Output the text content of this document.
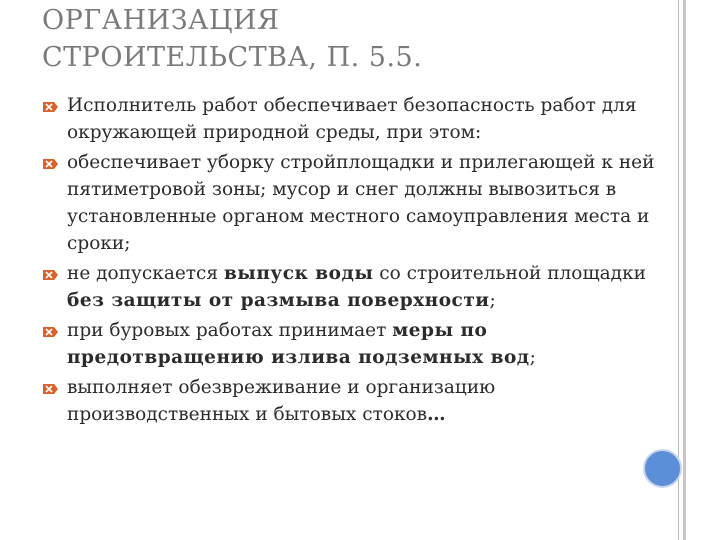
ОРГАНИЗАЦИЯ
СТРОИТЕЛЬСТВА, П. 5.5.
Исполнитель работ обеспечивает безопасность работ для окружающей природной среды, при этом:
обеспечивает уборку стройплощадки и прилегающей к ней пятиметровой зоны; мусор и снег должны вывозиться в установленные органом местного самоуправления места и сроки;
не допускается выпуск воды со строительной площадки без защиты от размыва поверхности;
при буровых работах принимает меры по предотвращению излива подземных вод;
выполняет обезвреживание и организацию производственных и бытовых стоков…
